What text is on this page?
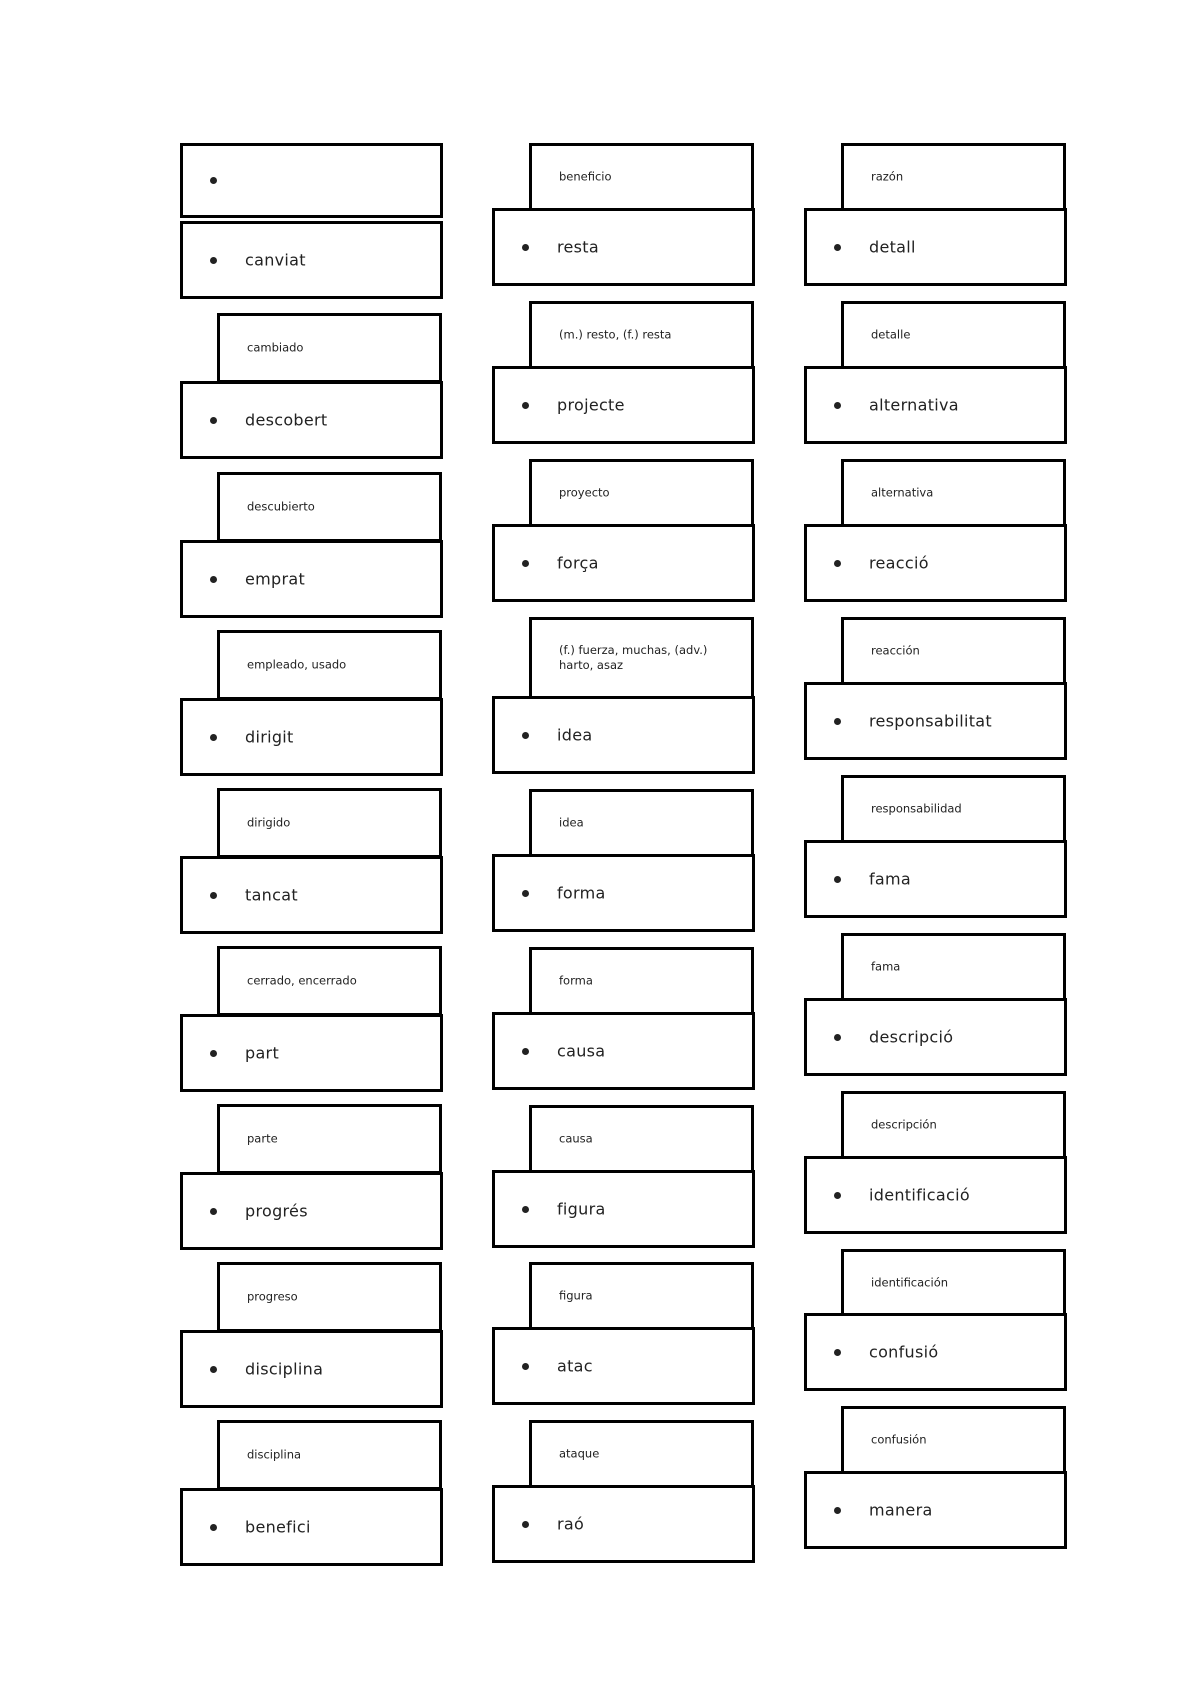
canviat
cambiado
descobert
descubierto
emprat
empleado, usado
dirigit
dirigido
tancat
cerrado, encerrado
part
parte
progrés
progreso
disciplina
disciplina
benefici
beneficio
resta
(m.) resto, (f.) resta
projecte
proyecto
força
(f.) fuerza, muchas, (adv.)
harto, asaz
idea
idea
forma
forma
causa
causa
figura
figura
atac
ataque
raó
razón
detall
detalle
alternativa
alternativa
reacció
reacción
responsabilitat
responsabilidad
fama
fama
descripció
descripción
identificació
identificación
confusió
confusión
manera
